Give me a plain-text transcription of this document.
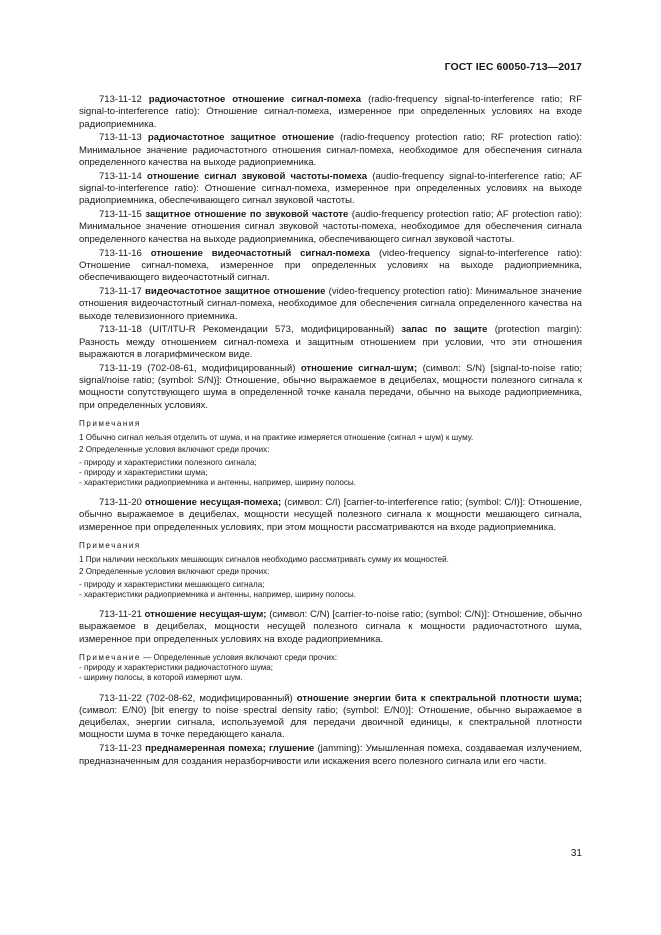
ГОСТ IEC 60050-713—2017

713-11-12 радиочастотное отношение сигнал-помеха (radio-frequency signal-to-interference ratio; RF signal-to-interference ratio): Отношение сигнал-помеха, измеренное при определенных условиях на входе радиоприемника.

713-11-13 радиочастотное защитное отношение (radio-frequency protection ratio; RF protection ratio): Минимальное значение радиочастотного отношения сигнал-помеха, необходимое для обеспечения сигнала определенного качества на выходе радиоприемника.

713-11-14 отношение сигнал звуковой частоты-помеха (audio-frequency signal-to-interference ratio; AF signal-to-interference ratio): Отношение сигнал-помеха, измеренное при определенных условиях на выходе радиоприемника, обеспечивающего сигнал звуковой частоты.

713-11-15 защитное отношение по звуковой частоте (audio-frequency protection ratio; AF protection ratio): Минимальное значение отношения сигнал звуковой частоты-помеха, необходимое для обеспечения сигнала определенного качества на выходе радиоприемника, обеспечивающего сигнал звуковой частоты.

713-11-16 отношение видеочастотный сигнал-помеха (video-frequency signal-to-interference ratio): Отношение сигнал-помеха, измеренное при определенных условиях на выходе радиоприемника, обеспечивающего видеочастотный сигнал.

713-11-17 видеочастотное защитное отношение (video-frequency protection ratio): Минимальное значение отношения видеочастотный сигнал-помеха, необходимое для обеспечения сигнала определенного качества на выходе телевизионного приемника.

713-11-18 (UIT/ITU-R Рекомендации 573, модифицированный) запас по защите (protection margin): Разность между отношением сигнал-помеха и защитным отношением при условии, что эти отношения выражаются в логарифмическом виде.

713-11-19 (702-08-61, модифицированный) отношение сигнал-шум; (символ: S/N) [signal-to-noise ratio; signal/noise ratio; (symbol: S/N)]: Отношение, обычно выражаемое в децибелах, мощности полезного сигнала к мощности сопутствующего шума в определенной точке канала передачи, обычно на выходе радиоприемника, при определенных условиях.

Примечания
1 Обычно сигнал нельзя отделить от шума, и на практике измеряется отношение (сигнал + шум) к шуму.
2 Определенные условия включают среди прочих:
- природу и характеристики полезного сигнала;
- природу и характеристики шума;
- характеристики радиоприемника и антенны, например, ширину полосы.

713-11-20 отношение несущая-помеха; (символ: C/I) [carrier-to-interference ratio; (symbol: C/I)]: Отношение, обычно выражаемое в децибелах, мощности несущей полезного сигнала к мощности мешающего сигнала, измеренное при определенных условиях, при этом мощности рассматриваются на входе радиоприемника.

Примечания
1 При наличии нескольких мешающих сигналов необходимо рассматривать сумму их мощностей.
2 Определенные условия включают среди прочих:
- природу и характеристики мешающего сигнала;
- характеристики радиоприемника и антенны, например, ширину полосы.

713-11-21 отношение несущая-шум; (символ: C/N) [carrier-to-noise ratio; (symbol: C/N)]: Отношение, обычно выражаемое в децибелах, мощности несущей полезного сигнала к мощности радиочастотного шума, измеренное при определенных условиях на входе радиоприемника.

Примечание — Определенные условия включают среди прочих:
- природу и характеристики радиочастотного шума;
- ширину полосы, в которой измеряют шум.

713-11-22 (702-08-62, модифицированный) отношение энергии бита к спектральной плотности шума; (символ: E/N0) [bit energy to noise spectral density ratio; (symbol: E/N0)]: Отношение, обычно выражаемое в децибелах, энергии сигнала, используемой для передачи двоичной единицы, к спектральной плотности мощности шума в точке передающего канала.

713-11-23 преднамеренная помеха; глушение (jamming): Умышленная помеха, создаваемая излучением, предназначенным для создания неразборчивости или искажения всего полезного сигнала или его части.

31
